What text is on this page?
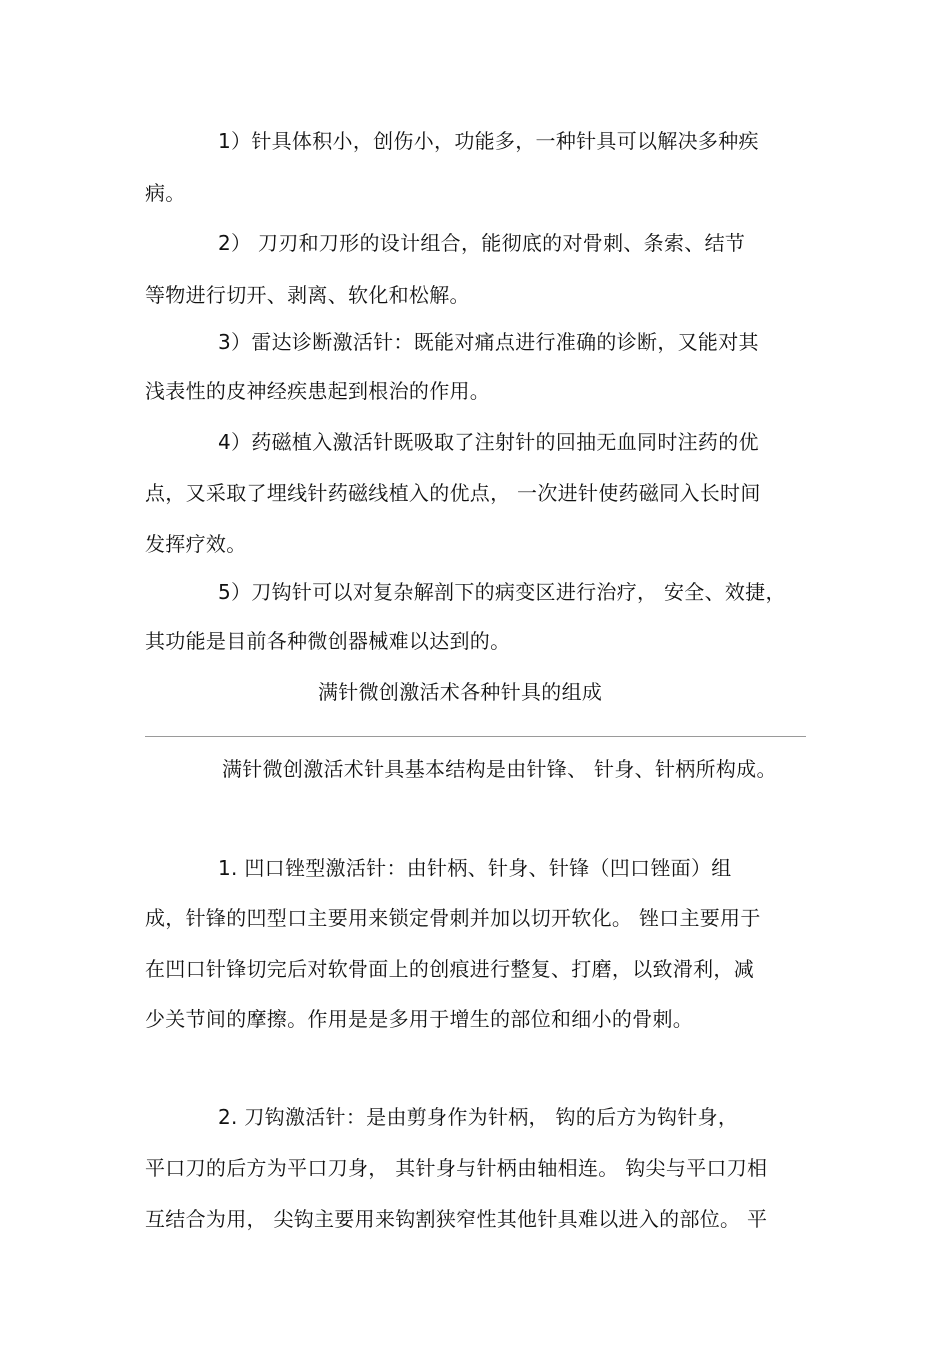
1）针具体积小，创伤小，功能多，一种针具可以解决多种疾
病。
2） 刀刃和刀形的设计组合，能彻底的对骨刺、条索、结节
等物进行切开、剥离、软化和松解。
3）雷达诊断激活针：既能对痛点进行准确的诊断，又能对其
浅表性的皮神经疾患起到根治的作用。
4）药磁植入激活针既吸取了注射针的回抽无血同时注药的优
点，又采取了埋线针药磁线植入的优点， 一次进针使药磁同入长时间
发挥疗效。
5）刀钩针可以对复杂解剖下的病变区进行治疗， 安全、效捷，
其功能是目前各种微创器械难以达到的。
满针微创激活术各种针具的组成
满针微创激活术针具基本结构是由针锋、 针身、针柄所构成。
1. 凹口锉型激活针：由针柄、针身、针锋（凹口锉面）组
成，针锋的凹型口主要用来锁定骨刺并加以切开软化。 锉口主要用于
在凹口针锋切完后对软骨面上的创痕进行整复、打磨，以致滑利，减
少关节间的摩擦。作用是是多用于增生的部位和细小的骨刺。
2. 刀钩激活针：是由剪身作为针柄， 钩的后方为钩针身，
平口刀的后方为平口刀身， 其针身与针柄由轴相连。 钩尖与平口刀相
互结合为用， 尖钩主要用来钩割狭窄性其他针具难以进入的部位。 平
